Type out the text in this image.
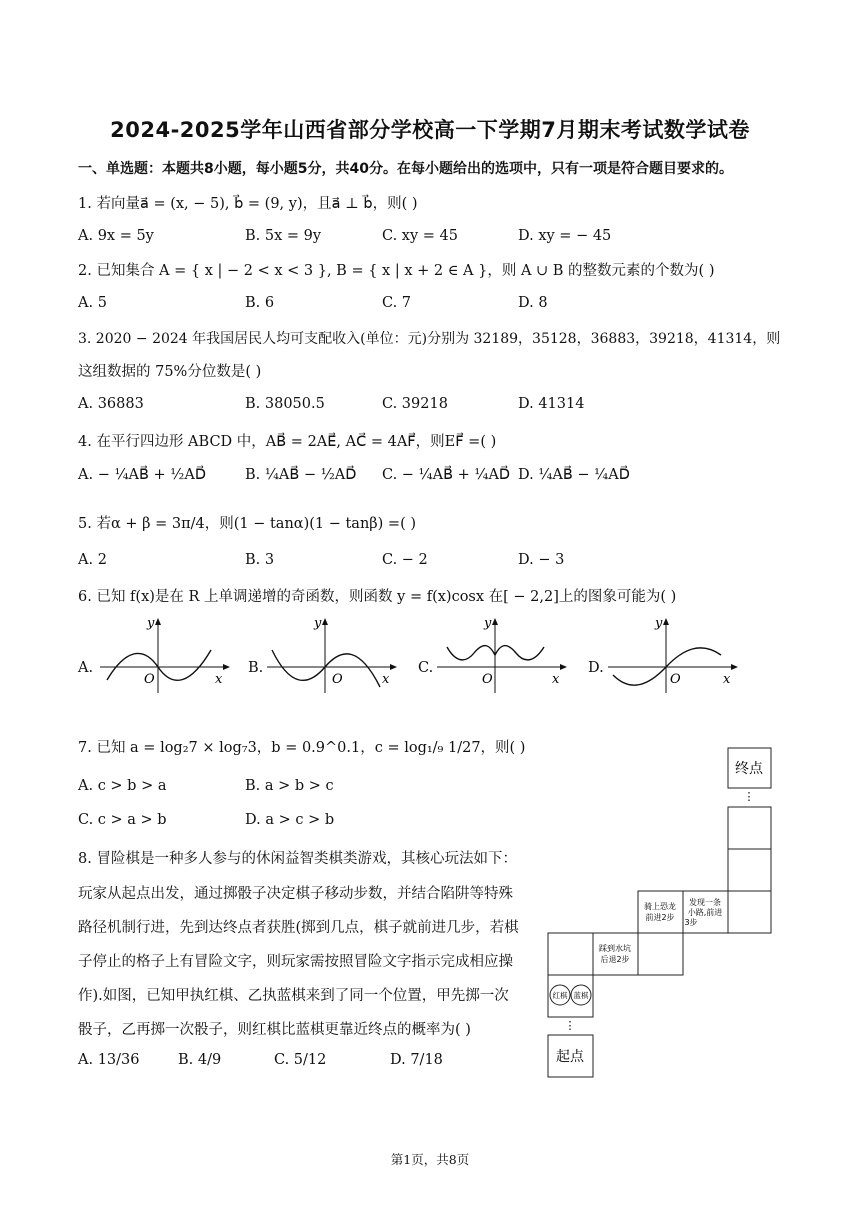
2024-2025学年山西省部分学校高一下学期7月期末考试数学试卷
一、单选题：本题共8小题，每小题5分，共40分。在每小题给出的选项中，只有一项是符合题目要求的。
1. 若向量a⃗ = (x, − 5), b⃗ = (9, y)，且a⃗ ⊥ b⃗，则( )
A. 9x = 5y	B. 5x = 9y	C. xy = 45	D. xy = − 45
2. 已知集合 A = { x | − 2 < x < 3 }, B = { x | x + 2 ∈ A }，则 A ∪ B 的整数元素的个数为( )
A. 5	B. 6	C. 7	D. 8
3. 2020 − 2024 年我国居民人均可支配收入(单位：元)分别为 32189，35128，36883，39218，41314，则
这组数据的 75%分位数是( )
A. 36883	B. 38050.5	C. 39218	D. 41314
4. 在平行四边形 ABCD 中，AB⃗ = 2AE⃗, AC⃗ = 4AF⃗，则EF⃗ =( )
A. − ¼AB⃗ + ½AD⃗	B. ¼AB⃗ − ½AD⃗ C. − ¼AB⃗ + ¼AD⃗ D. ¼AB⃗ − ¼AD⃗
5. 若α + β = 3π/4，则(1 − tanα)(1 − tanβ) =( )
A. 2	B. 3	C. − 2	D. − 3
6. 已知 f(x)是在 R 上单调递增的奇函数，则函数 y = f(x)cosx 在[ − 2,2]上的图象可能为( )
A.	B.	C.	D.
y
O	x
y
O	x
y
O	x
y
O	x
7. 已知 a = log₂7 × log₇3，b = 0.9^0.1，c = log₁/₉ 1/27，则( )
A. c > b > a	B. a > b > c
C. c > a > b	D. a > c > b
8. 冒险棋是一种多人参与的休闲益智类棋类游戏，其核心玩法如下：
玩家从起点出发，通过掷骰子决定棋子移动步数，并结合陷阱等特殊
路径机制行进，先到达终点者获胜(掷到几点，棋子就前进几步，若棋
子停止的格子上有冒险文字，则玩家需按照冒险文字指示完成相应操
作).如图，已知甲执红棋、乙执蓝棋来到了同一个位置，甲先掷一次
骰子，乙再掷一次骰子，则红棋比蓝棋更靠近终点的概率为( )
A. 13/36	B. 4/9	C. 5/12	D. 7/18
终点
⋮
骑上恐龙
前进2步
发现一条
小路,前进
3步
踩到水坑
后退2步
红棋 蓝棋
⋮
起点
第1页，共8页
